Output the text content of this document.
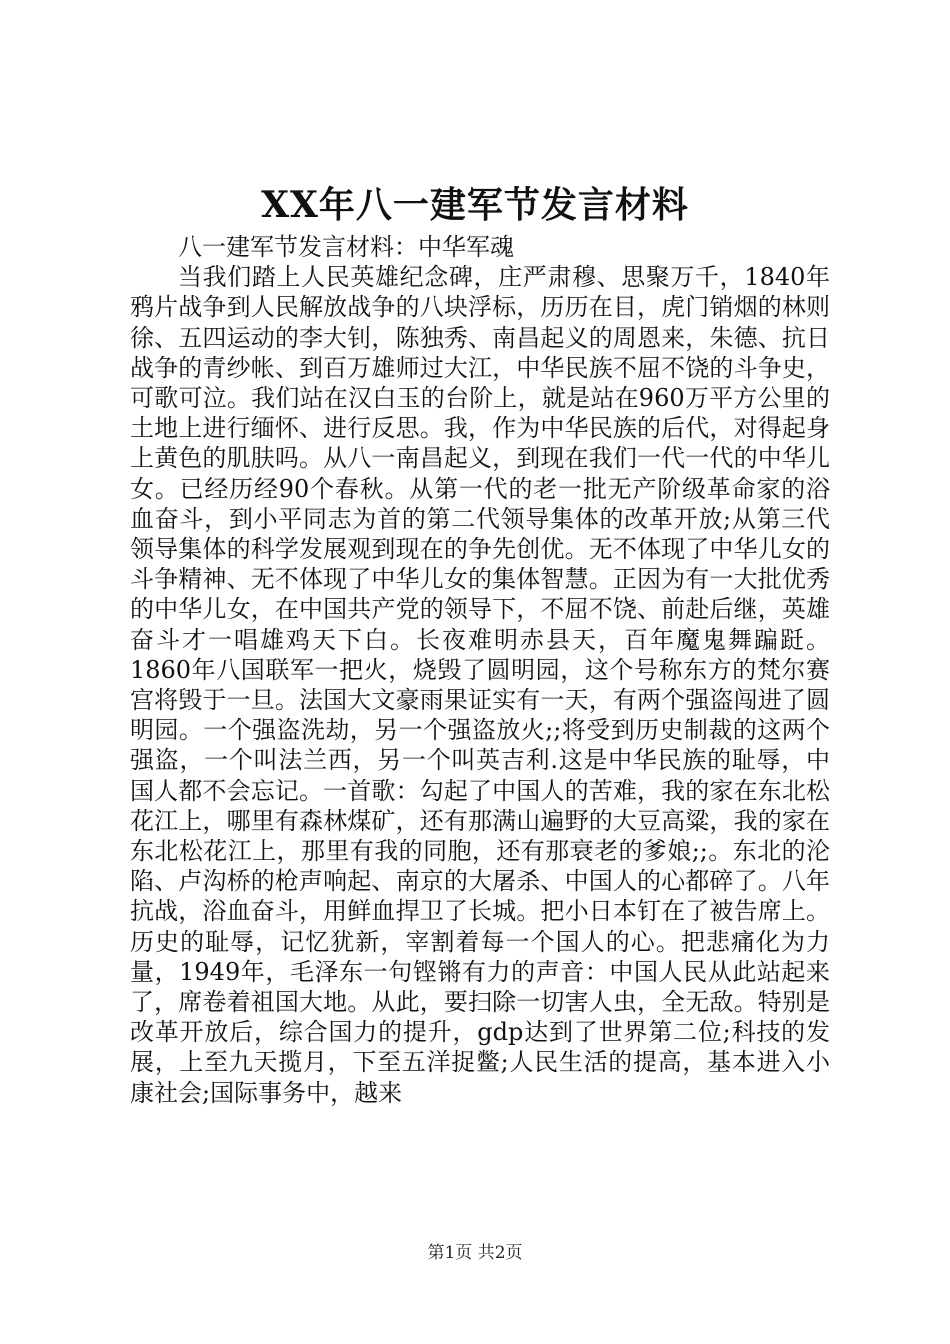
XX年八一建军节发言材料
八一建军节发言材料：中华军魂
当我们踏上人民英雄纪念碑，庄严肃穆、思聚万千，1840年鸦片战争到人民解放战争的八块浮标，历历在目，虎门销烟的林则徐、五四运动的李大钊，陈独秀、南昌起义的周恩来，朱德、抗日战争的青纱帐、到百万雄师过大江，中华民族不屈不饶的斗争史，可歌可泣。我们站在汉白玉的台阶上，就是站在960万平方公里的土地上进行缅怀、进行反思。我，作为中华民族的后代，对得起身上黄色的肌肤吗。从八一南昌起义，到现在我们一代一代的中华儿女。已经历经90个春秋。从第一代的老一批无产阶级革命家的浴血奋斗，到小平同志为首的第二代领导集体的改革开放;从第三代领导集体的科学发展观到现在的争先创优。无不体现了中华儿女的斗争精神、无不体现了中华儿女的集体智慧。正因为有一大批优秀的中华儿女，在中国共产党的领导下，不屈不饶、前赴后继，英雄奋斗才一唱雄鸡天下白。长夜难明赤县天，百年魔鬼舞蹁跹。1860年八国联军一把火，烧毁了圆明园，这个号称东方的梵尔赛宫将毁于一旦。法国大文豪雨果证实有一天，有两个强盗闯进了圆明园。一个强盗洗劫，另一个强盗放火;;将受到历史制裁的这两个强盗，一个叫法兰西，另一个叫英吉利.这是中华民族的耻辱，中国人都不会忘记。一首歌：勾起了中国人的苦难，我的家在东北松花江上，哪里有森林煤矿，还有那满山遍野的大豆高粱，我的家在东北松花江上，那里有我的同胞，还有那衰老的爹娘;;。东北的沦陷、卢沟桥的枪声响起、南京的大屠杀、中国人的心都碎了。八年抗战，浴血奋斗，用鲜血捍卫了长城。把小日本钉在了被告席上。历史的耻辱，记忆犹新，宰割着每一个国人的心。把悲痛化为力量，1949年，毛泽东一句铿锵有力的声音：中国人民从此站起来了，席卷着祖国大地。从此，要扫除一切害人虫，全无敌。特别是改革开放后，综合国力的提升，gdp达到了世界第二位;科技的发展，上至九天揽月，下至五洋捉鳖;人民生活的提高，基本进入小康社会;国际事务中，越来
第1页 共2页
